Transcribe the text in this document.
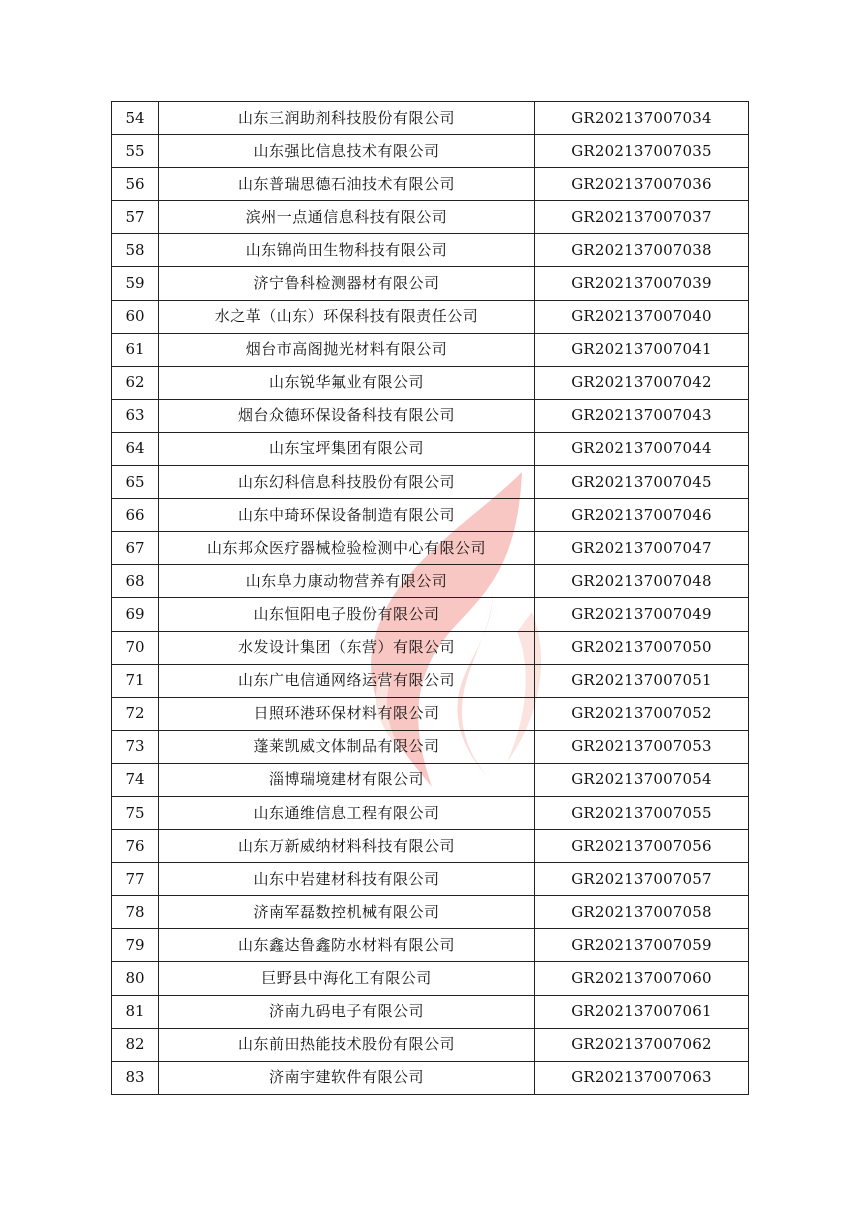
54	山东三润助剂科技股份有限公司	GR202137007034
55	山东强比信息技术有限公司	GR202137007035
56	山东普瑞思德石油技术有限公司	GR202137007036
57	滨州一点通信息科技有限公司	GR202137007037
58	山东锦尚田生物科技有限公司	GR202137007038
59	济宁鲁科检测器材有限公司	GR202137007039
60	水之革（山东）环保科技有限责任公司	GR202137007040
61	烟台市高阁抛光材料有限公司	GR202137007041
62	山东锐华氟业有限公司	GR202137007042
63	烟台众德环保设备科技有限公司	GR202137007043
64	山东宝坪集团有限公司	GR202137007044
65	山东幻科信息科技股份有限公司	GR202137007045
66	山东中琦环保设备制造有限公司	GR202137007046
67	山东邦众医疗器械检验检测中心有限公司	GR202137007047
68	山东阜力康动物营养有限公司	GR202137007048
69	山东恒阳电子股份有限公司	GR202137007049
70	水发设计集团（东营）有限公司	GR202137007050
71	山东广电信通网络运营有限公司	GR202137007051
72	日照环港环保材料有限公司	GR202137007052
73	蓬莱凯威文体制品有限公司	GR202137007053
74	淄博瑞境建材有限公司	GR202137007054
75	山东通维信息工程有限公司	GR202137007055
76	山东万新威纳材料科技有限公司	GR202137007056
77	山东中岩建材科技有限公司	GR202137007057
78	济南军磊数控机械有限公司	GR202137007058
79	山东鑫达鲁鑫防水材料有限公司	GR202137007059
80	巨野县中海化工有限公司	GR202137007060
81	济南九码电子有限公司	GR202137007061
82	山东前田热能技术股份有限公司	GR202137007062
83	济南宇建软件有限公司	GR202137007063
